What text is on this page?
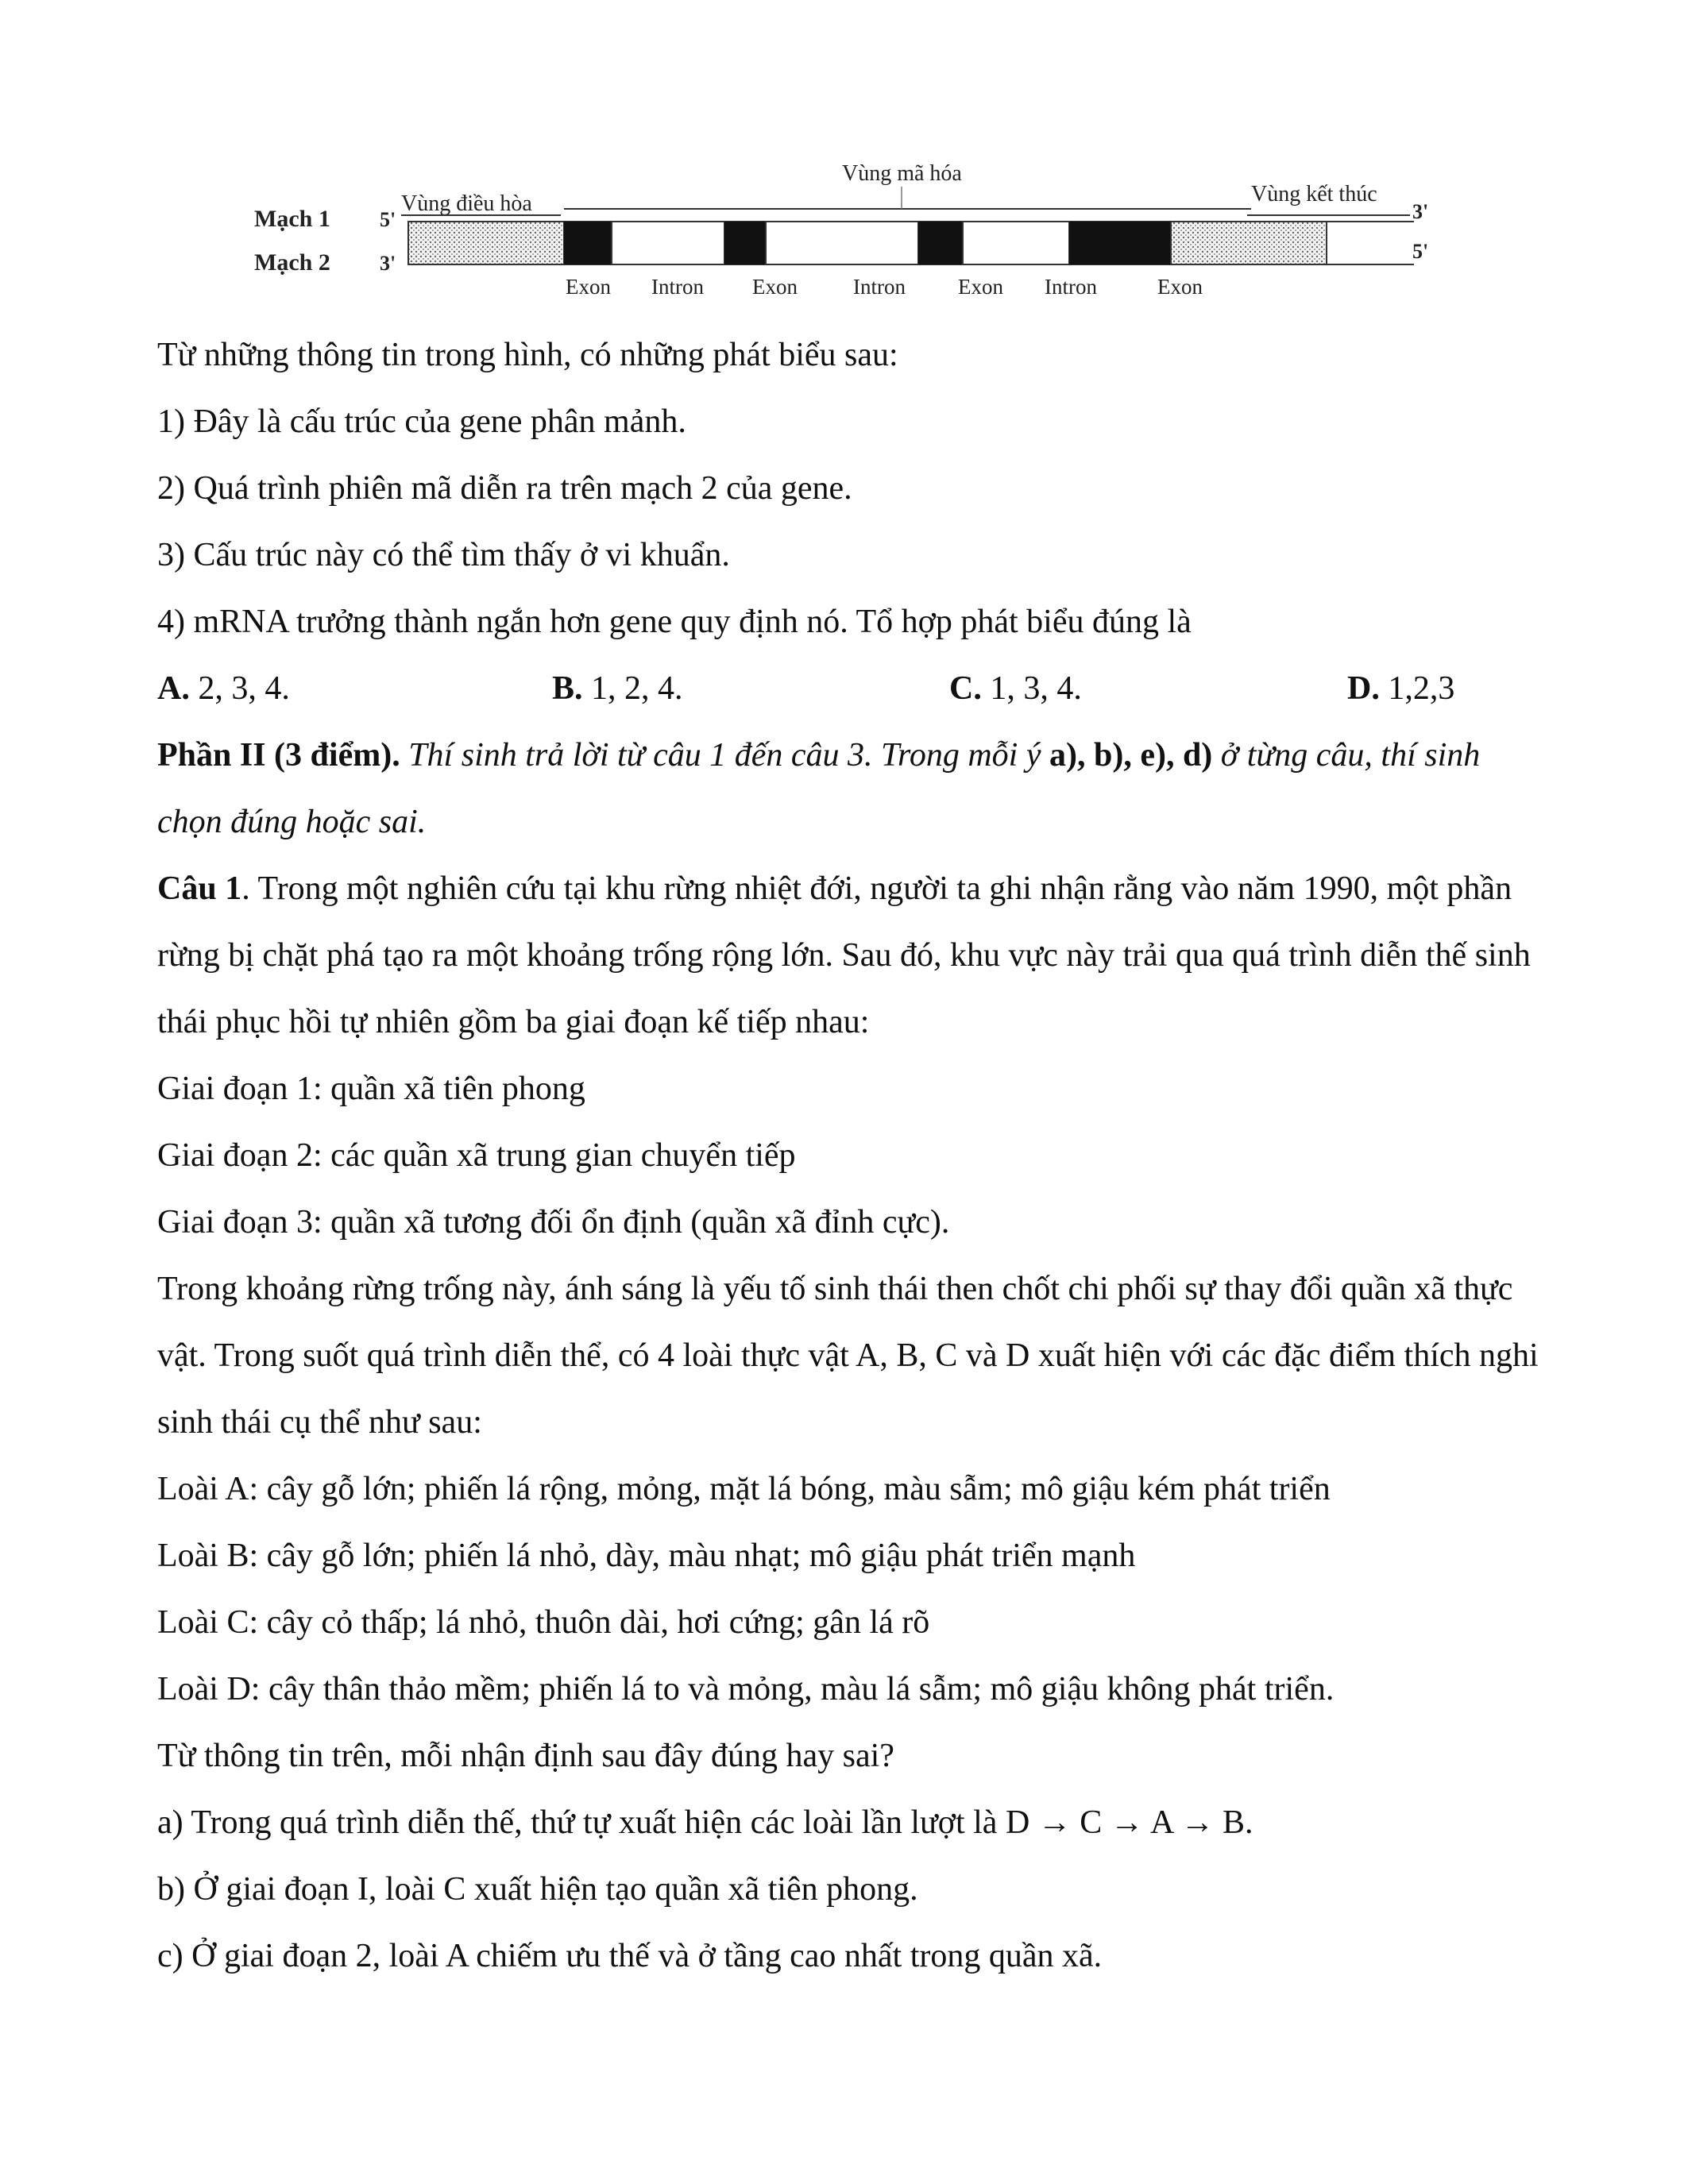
Mạch 1
Mạch 2
5'
3'
3'
5'
Vùng điều hòa
Vùng mã hóa
Vùng kết thúc
Exon Intron Exon	Intron Exon Intron	Exon
Từ những thông tin trong hình, có những phát biểu sau:
1) Đây là cấu trúc của gene phân mảnh.
2) Quá trình phiên mã diễn ra trên mạch 2 của gene.
3) Cấu trúc này có thể tìm thấy ở vi khuẩn.
4) mRNA trưởng thành ngắn hơn gene quy định nó. Tổ hợp phát biểu đúng là
A. 2, 3, 4.	B. 1, 2, 4.	C. 1, 3, 4.	D. 1,2,3
Phần II (3 điểm). Thí sinh trả lời từ câu 1 đến câu 3. Trong mỗi ý a), b), e), d) ở từng câu, thí sinh chọn đúng hoặc sai.
Câu 1. Trong một nghiên cứu tại khu rừng nhiệt đới, người ta ghi nhận rằng vào năm 1990, một phần rừng bị chặt phá tạo ra một khoảng trống rộng lớn. Sau đó, khu vực này trải qua quá trình diễn thế sinh thái phục hồi tự nhiên gồm ba giai đoạn kế tiếp nhau:
Giai đoạn 1: quần xã tiên phong
Giai đoạn 2: các quần xã trung gian chuyển tiếp
Giai đoạn 3: quần xã tương đối ổn định (quần xã đỉnh cực).
Trong khoảng rừng trống này, ánh sáng là yếu tố sinh thái then chốt chi phối sự thay đổi quần xã thực vật. Trong suốt quá trình diễn thể, có 4 loài thực vật A, B, C và D xuất hiện với các đặc điểm thích nghi sinh thái cụ thể như sau:
Loài A: cây gỗ lớn; phiến lá rộng, mỏng, mặt lá bóng, màu sẫm; mô giậu kém phát triển
Loài B: cây gỗ lớn; phiến lá nhỏ, dày, màu nhạt; mô giậu phát triển mạnh
Loài C: cây cỏ thấp; lá nhỏ, thuôn dài, hơi cứng; gân lá rõ
Loài D: cây thân thảo mềm; phiến lá to và mỏng, màu lá sẫm; mô giậu không phát triển.
Từ thông tin trên, mỗi nhận định sau đây đúng hay sai?
a) Trong quá trình diễn thế, thứ tự xuất hiện các loài lần lượt là D → C → A → B.
b) Ở giai đoạn I, loài C xuất hiện tạo quần xã tiên phong.
c) Ở giai đoạn 2, loài A chiếm ưu thế và ở tầng cao nhất trong quần xã.
